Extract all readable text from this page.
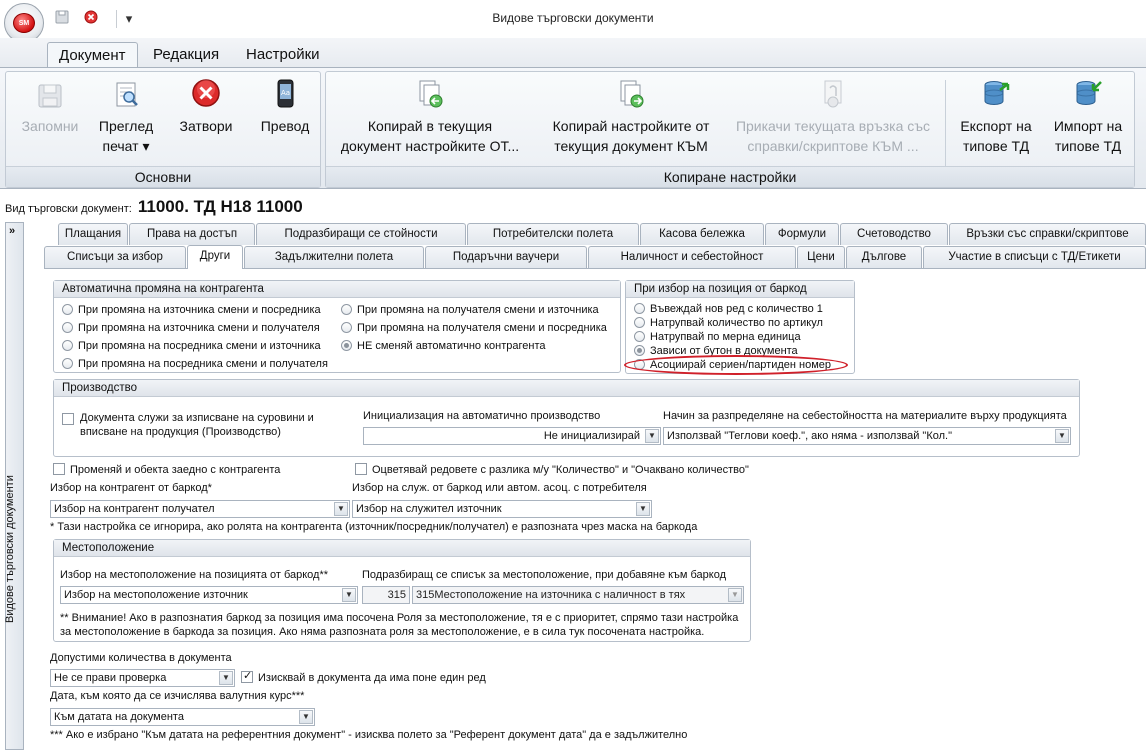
SM	▾	Видове търговски документи
Документ	Редакция	Настройки
Запомни	Преглед
печат ▾
Затвори
Aa
Превод
Основни
Копирай в текущия
документ настройките ОТ...
Копирай настройките от
текущия документ КЪМ
Прикачи текущата връзка със
справки/скриптове КЪМ ...
Експорт на
типове ТД
Импорт на
типове ТД
Копиране настройки
Вид търговски документ: 11000. ТД Н18 11000
»
Видове търговски документи
Плащания	Права на достъп	Подразбиращи се стойности	Потребителски полета	Касова бележка	Формули	Счетоводство	Връзки със справки/скриптове
Списъци за избор	Други	Задължителни полета	Подаръчни ваучери	Наличност и себестойност	Цени	Дългове	Участие в списъци с ТД/Етикети
Автоматична промяна на контрагента
При промяна на източника смени и посредника
При промяна на източника смени и получателя
При промяна на посредника смени и източника
При промяна на посредника смени и получателя
При промяна на получателя смени и източника
При промяна на получателя смени и посредника
НЕ сменяй автоматично контрагента
При избор на позиция от баркод
Въвеждай нов ред с количество 1
Натрупвай количество по артикул
Натрупвай по мерна единица
Зависи от бутон в документа
Асоциирай сериен/партиден номер
Производство
Документа служи за изписване на суровини и
вписване на продукция (Производство)
Инициализация на автоматично производство
Не инициализирай	▼
Начин за разпределяне на себестойността на материалите върху продукцията
Използвай "Теглови коеф.", ако няма - използвай "Кол."	▼
Променяй и обекта заедно с контрагента	Оцветявай редовете с разлика м/у "Количество" и "Очаквано количество"
Избор на контрагент от баркод*
Избор на контрагент получател	▼
Избор на служ. от баркод или автом. асоц. с потребителя
Избор на служител източник	▼
* Тази настройка се игнорира, ако ролята на контрагента (източник/посредник/получател) е разпозната чрез маска на баркода
Местоположение
Избор на местоположение на позицията от баркод**
Избор на местоположение източник	▼
Подразбиращ се списък за местоположение, при добавяне към баркод
315 315Местоположение на източника с наличност в тях	▼
** Внимание! Ако в разпознатия баркод за позиция има посочена Роля за местоположение, тя е с приоритет, спрямо тази настройка
за местоположение в баркода за позиция. Ако няма разпозната роля за местоположение, е в сила тук посочената настройка.
Допустими количества в документа
Не се прави проверка	▼
✓	Изисквай в документа да има поне един ред
Дата, към която да се изчислява валутния курс***
Към датата на документа	▼
*** Ако е избрано "Към датата на референтния документ" - изисква полето за "Референт документ дата" да е задължително
